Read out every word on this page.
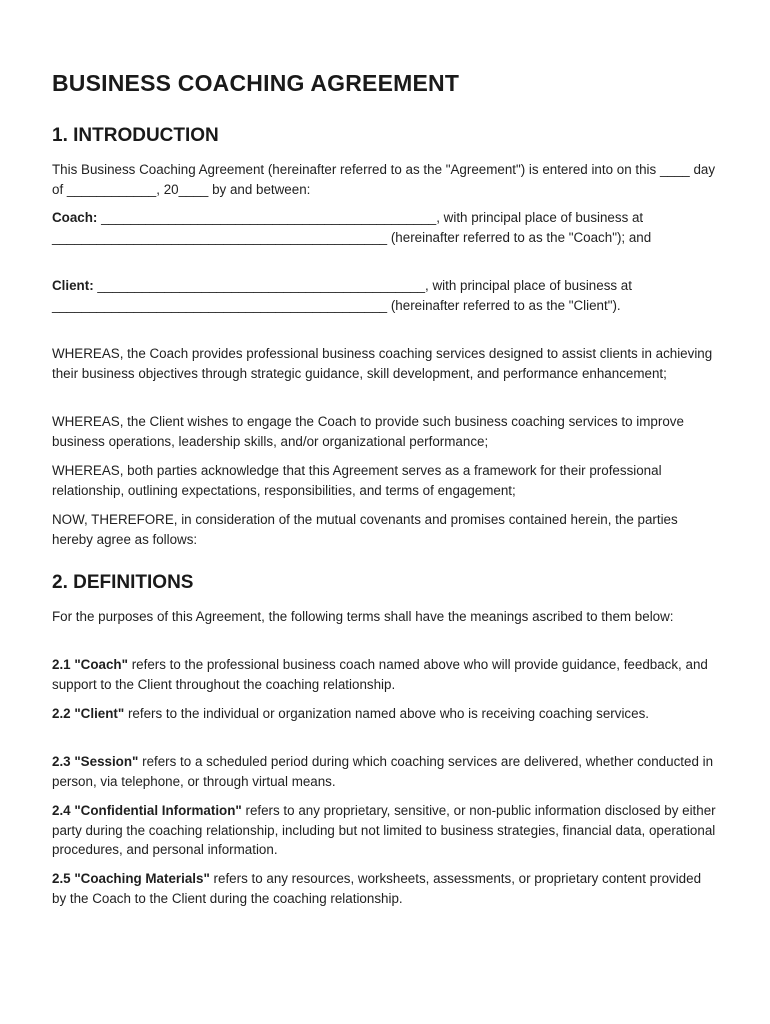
BUSINESS COACHING AGREEMENT
1. INTRODUCTION

This Business Coaching Agreement (hereinafter referred to as the "Agreement") is entered into on this ____ day of ____________, 20____ by and between:

Coach: _____________________________________________, with principal place of business at _____________________________________________ (hereinafter referred to as the "Coach"); and

Client: ____________________________________________, with principal place of business at _____________________________________________ (hereinafter referred to as the "Client").

WHEREAS, the Coach provides professional business coaching services designed to assist clients in achieving their business objectives through strategic guidance, skill development, and performance enhancement;

WHEREAS, the Client wishes to engage the Coach to provide such business coaching services to improve business operations, leadership skills, and/or organizational performance;

WHEREAS, both parties acknowledge that this Agreement serves as a framework for their professional relationship, outlining expectations, responsibilities, and terms of engagement;

NOW, THEREFORE, in consideration of the mutual covenants and promises contained herein, the parties hereby agree as follows:

2. DEFINITIONS

For the purposes of this Agreement, the following terms shall have the meanings ascribed to them below:

2.1 "Coach" refers to the professional business coach named above who will provide guidance, feedback, and support to the Client throughout the coaching relationship.

2.2 "Client" refers to the individual or organization named above who is receiving coaching services.

2.3 "Session" refers to a scheduled period during which coaching services are delivered, whether conducted in person, via telephone, or through virtual means.

2.4 "Confidential Information" refers to any proprietary, sensitive, or non-public information disclosed by either party during the coaching relationship, including but not limited to business strategies, financial data, operational procedures, and personal information.

2.5 "Coaching Materials" refers to any resources, worksheets, assessments, or proprietary content provided by the Coach to the Client during the coaching relationship.
